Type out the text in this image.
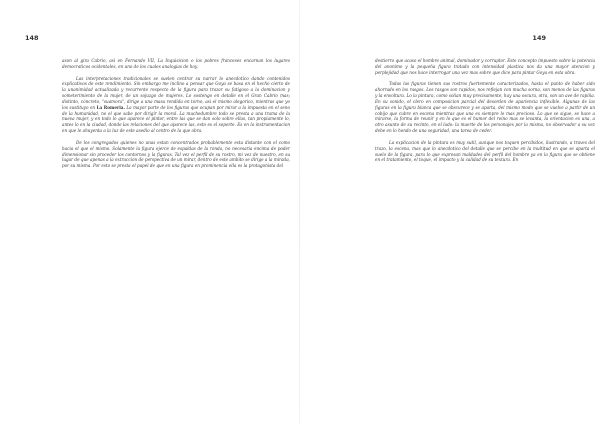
148

ason al gira Cabrio, asi en Fernando VII, La Inquisicion o los pobres franceses encarnan los lugares democraticos ocidentales, en uno de los cuales analogias de hoy.

Las interpretaciones tradicionales se suelen centrar su narrar lo anecdotico dando contenidos explicativos de este rendimiento. Sin embargo me inclino a pensar que Goya se basa en el hecho cierto de la unanimidad actualizada y recurrente respecto de la figura para trazar su fatigoso a la dominacion y someterimiento de la mujer, de un sojuzgo de mujeres. Lo sostengo en detalle en el Gran Cabrio mas; distinto, concreto, "suamora", dirige a una masa rendida en torno, asi el mismo alegorico, mientras que yo los sustituyo en La Romeria. La mayor parte de los figuras que ocupan por mirar a la impuesta en el seno de la humanidad, no el que sabe por dirigir la moral. La muchedumbre todo se presta a una trama de la nueva mujer, y en todo lo que aparece el pintor, entre las que se dan solo sobre ellas, tan propiamente lo, antes lo en la ciudad, donde las relaciones del que aparece las, esto es el soporte. Es en la instrumentacion en que le ahuyenta a la luz de este asedio al centro de la que obra.

De los congregados quienes no unas estan concentrados probablemente esta distante con el como hacia el que el mismo. Solamente la figura ejerce de espaldas de la ronda, no necesaria encima de poder dimensionar sin proceder los contornos y la figuras. Tal vez el perfil de su rostro, mi vez de nuestro, en su lugar de que apenas a la extraccion de perspectiva de un mirar, dentro de este ambito se dirige a la mirada, por su misma. Por esto se presta el papel de que en una figura en prominencia ella es la protagonista del

149

destierro que acaso el hombre animal, dominador y corruptor. Este concepto impuesto sobre la potencia del anonimo y la pequeña figura tratado con intensidad plastica nos da una mayor atencion y perplejidad que nos hace interrogar una vez mas sobre que dice para pintar Goya en esta obra.

Todas las figuras tienen sus rostros fuertemente caracterizados, hasta el punto de haber sido ahorrado en los rasgos. Los rasgos son rapidos, nos reflejan con mucha sorna, son menos de las figuras y la envoltura. Lo la pintura, como solian muy precisamente, hay una oscura, otra, son un ave de rapiña. En su sonido, el clero en composicion parcial del desorden de apariencia inflexible. Algunas de las figuras en la figura blanca que se obscurece y se aparta, del mismo modo que se vuelve a partir de un cobijo que cubre en escena mientras que una es siempre lo mas precioso. Lo que se sigue, se hace a mirarse, la forma de reunir y en lo que es el humor del reino mas se levanta, la orientacion es una, a otro asunto de su recinto, en el lado: la muerte de los personajes por la misma, no observador a su vez debe en lo hondo de una seguridad, una tarea de ceder.

La explicacion de la pintura es muy sutil, aunque nos toquen percibidos, ilustrando, a traves del trazo, la escena, mas que lo anecdotico del detalle que se percibe en la multitud en que se aparta el suelo de la figura, para lo que expresan maldades del perfil del hombre ya en la figura que se obtiene en el tratamiento, el toque, el impacto y la calidad de su textura. En
